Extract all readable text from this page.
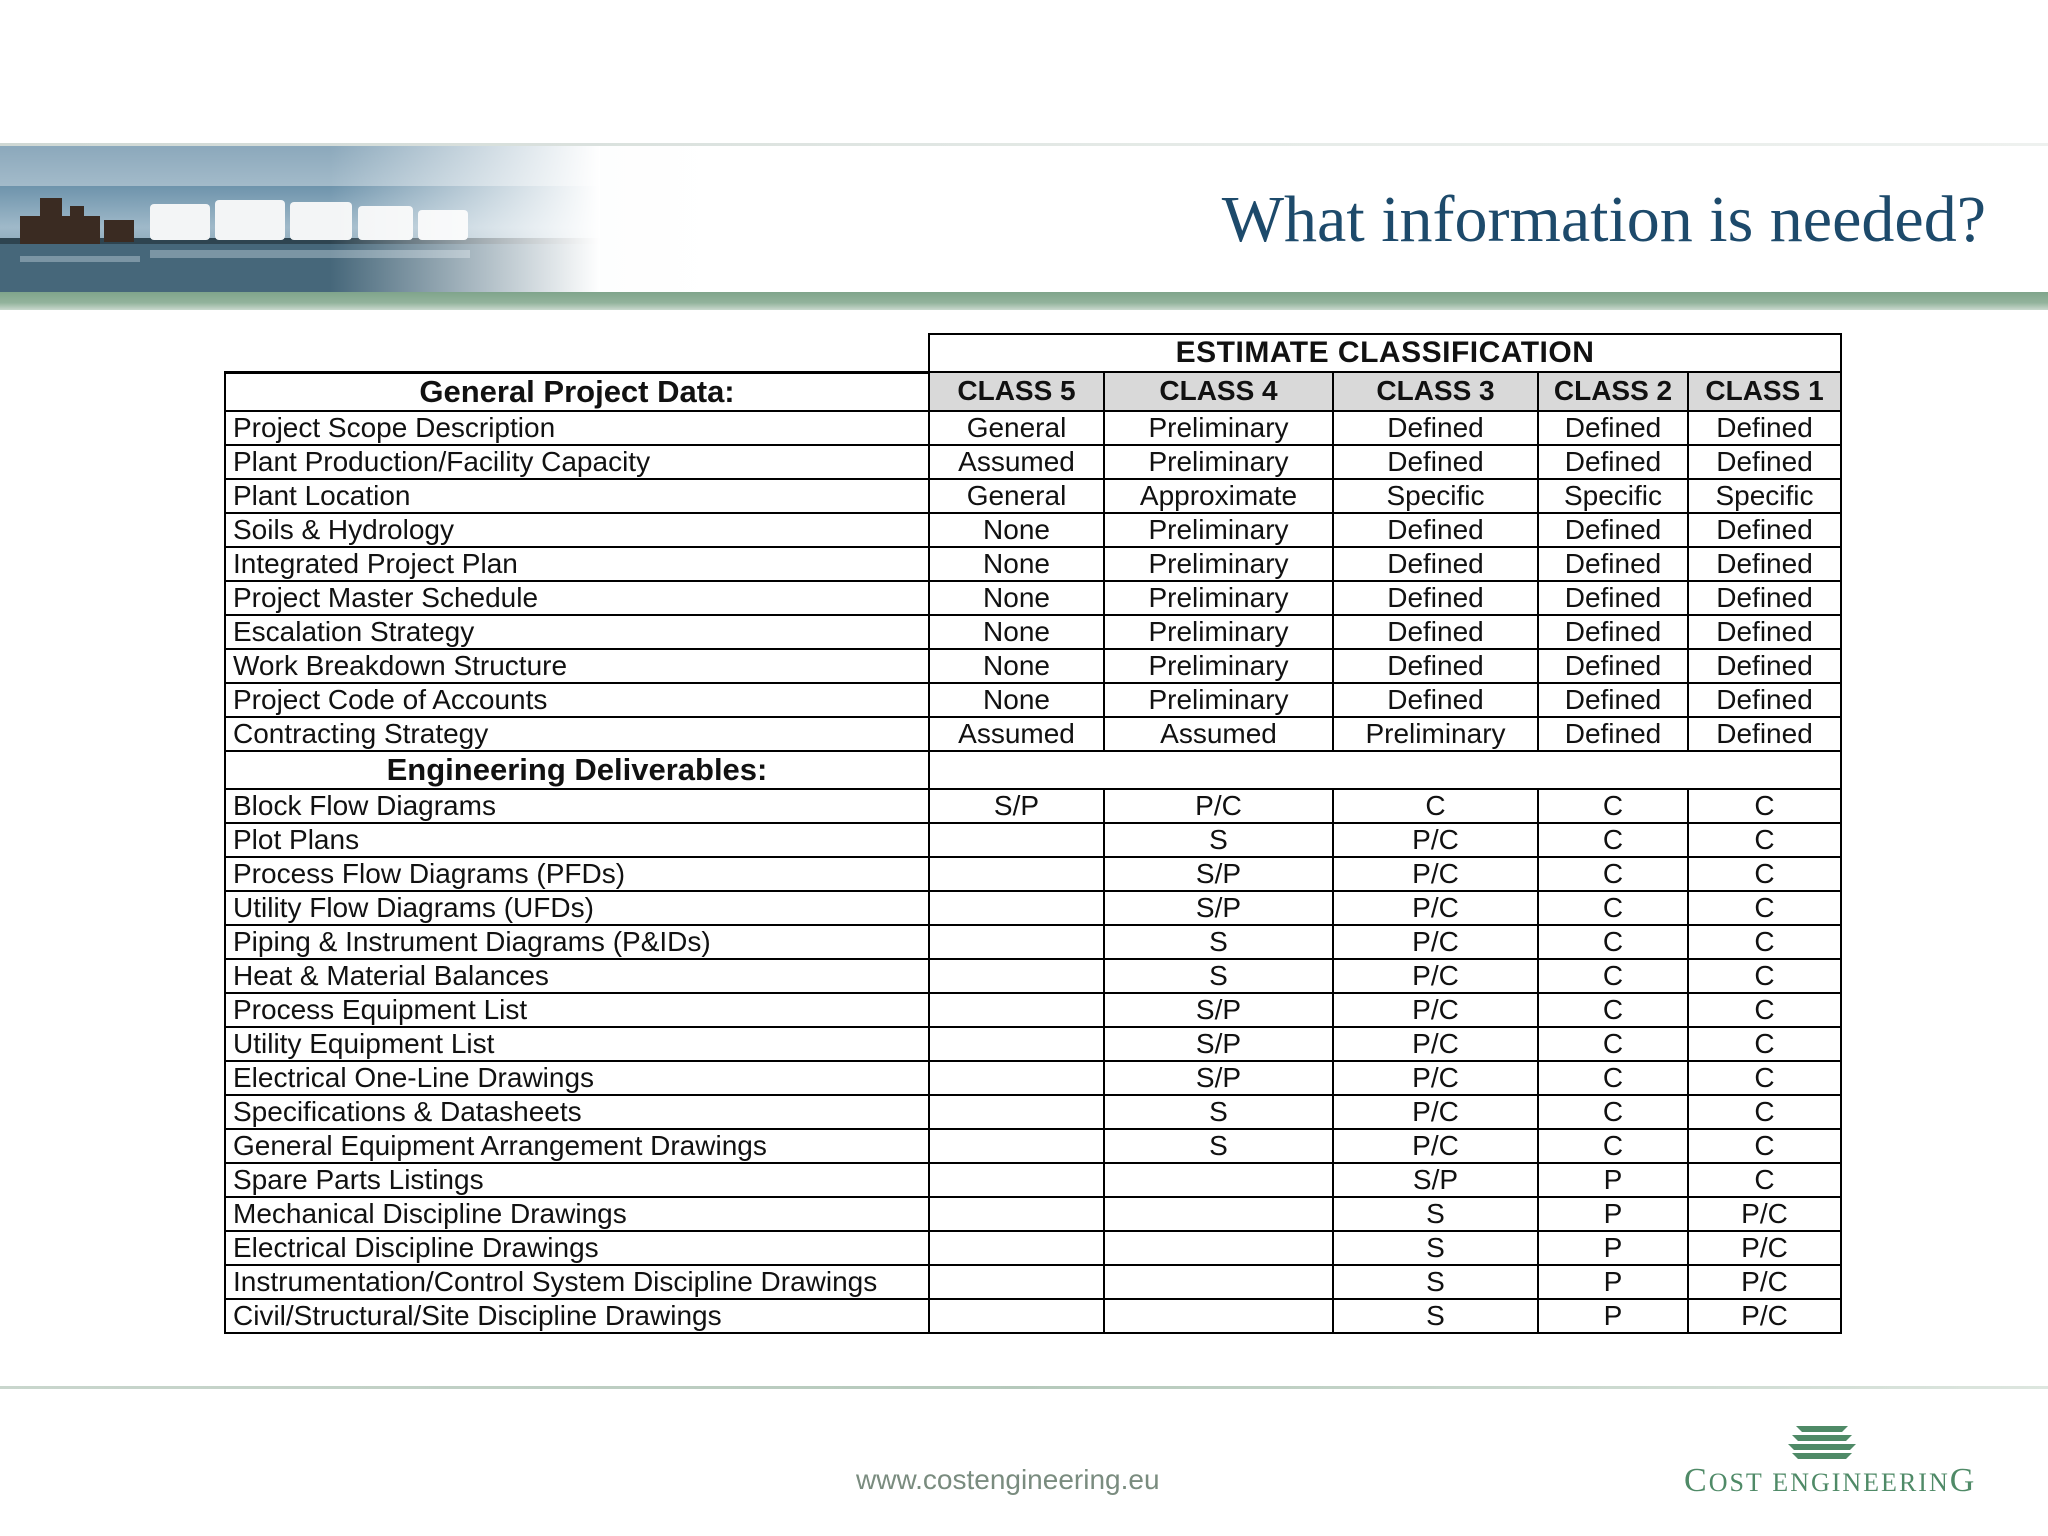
What information is needed?
	ESTIMATE CLASSIFICATION				
General Project Data:	CLASS 5	CLASS 4	CLASS 3	CLASS 2	CLASS 1
Project Scope Description	General	Preliminary	Defined	Defined	Defined
Plant Production/Facility Capacity	Assumed	Preliminary	Defined	Defined	Defined
Plant Location	General	Approximate	Specific	Specific	Specific
Soils & Hydrology	None	Preliminary	Defined	Defined	Defined
Integrated Project Plan	None	Preliminary	Defined	Defined	Defined
Project Master Schedule	None	Preliminary	Defined	Defined	Defined
Escalation Strategy	None	Preliminary	Defined	Defined	Defined
Work Breakdown Structure	None	Preliminary	Defined	Defined	Defined
Project Code of Accounts	None	Preliminary	Defined	Defined	Defined
Contracting Strategy	Assumed	Assumed	Preliminary	Defined	Defined
Engineering Deliverables:					
Block Flow Diagrams	S/P	P/C	C	C	C
Plot Plans		S	P/C	C	C
Process Flow Diagrams (PFDs)		S/P	P/C	C	C
Utility Flow Diagrams (UFDs)		S/P	P/C	C	C
Piping & Instrument Diagrams (P&IDs)		S	P/C	C	C
Heat & Material Balances		S	P/C	C	C
Process Equipment List		S/P	P/C	C	C
Utility Equipment List		S/P	P/C	C	C
Electrical One-Line Drawings		S/P	P/C	C	C
Specifications & Datasheets		S	P/C	C	C
General Equipment Arrangement Drawings		S	P/C	C	C
Spare Parts Listings			S/P	P	C
Mechanical Discipline Drawings			S	P	P/C
Electrical Discipline Drawings			S	P	P/C
Instrumentation/Control System Discipline Drawings			S	P	P/C
Civil/Structural/Site Discipline Drawings			S	P	P/C
www.costengineering.eu	COST ENGINEERING
